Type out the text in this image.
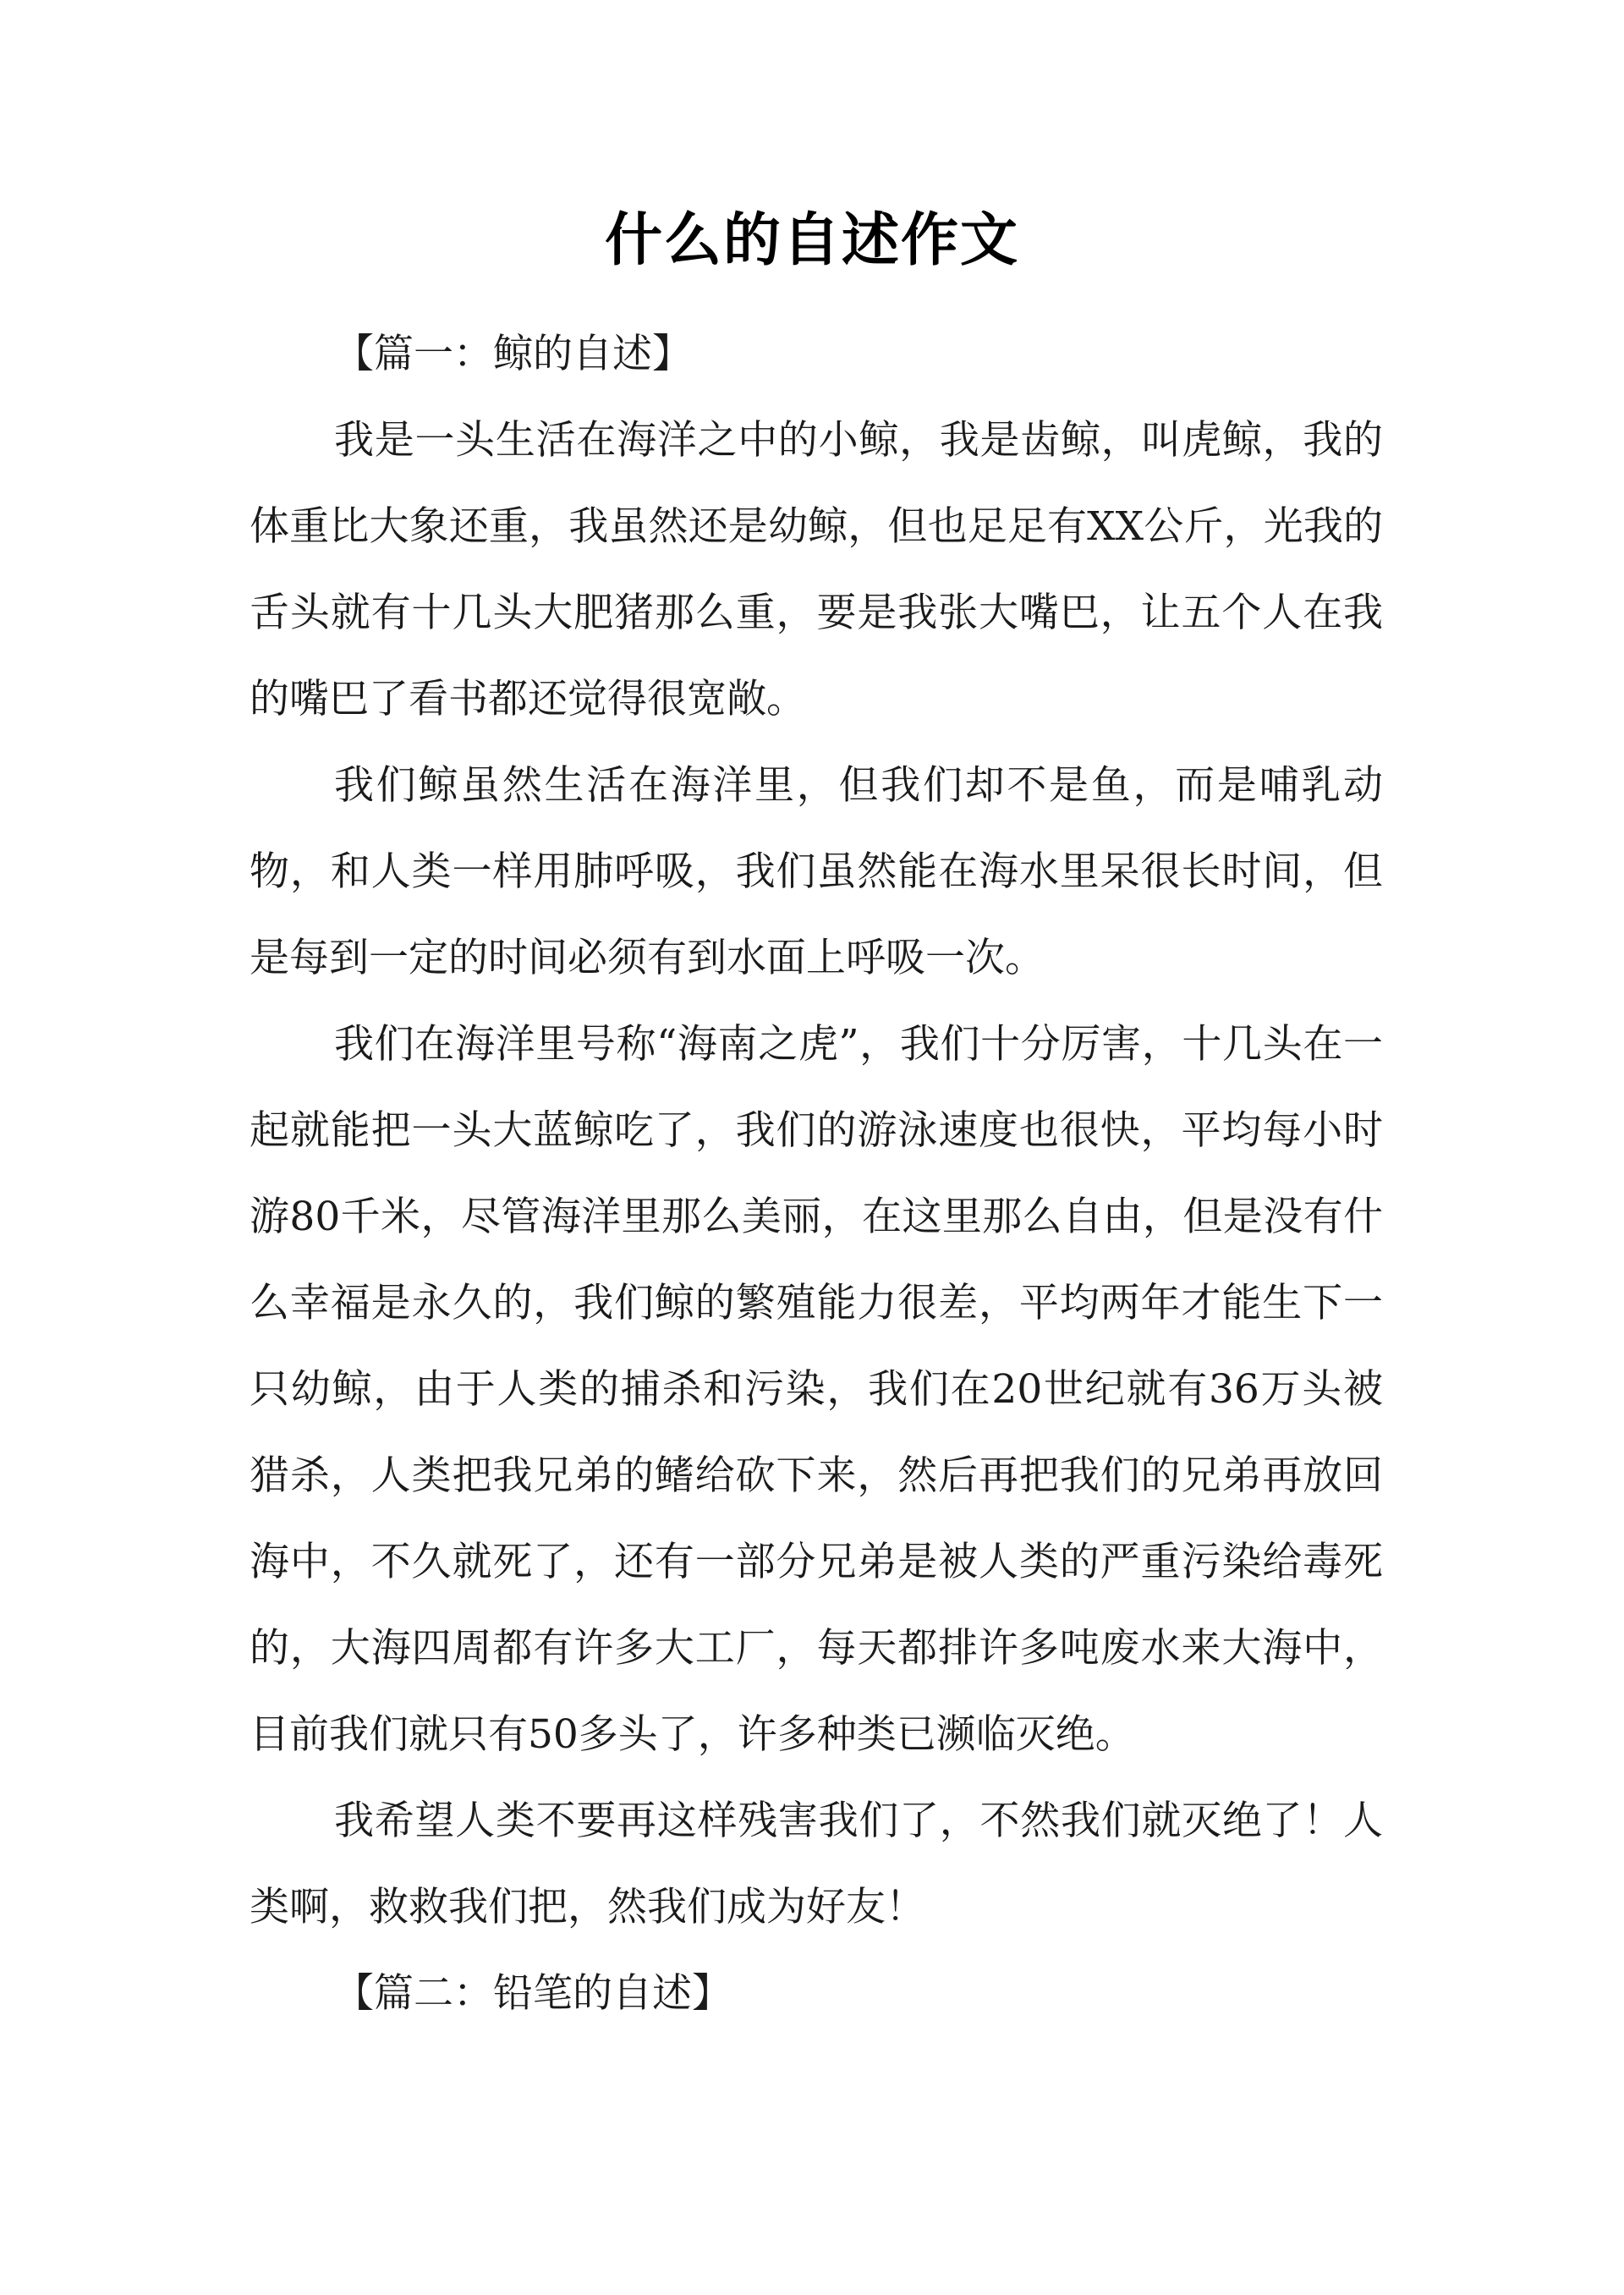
什么的自述作文

【篇一：鲸的自述】

我是一头生活在海洋之中的小鲸，我是齿鲸，叫虎鲸，我的体重比大象还重，我虽然还是幼鲸，但也足足有XX公斤，光我的舌头就有十几头大肥猪那么重，要是我张大嘴巴，让五个人在我的嘴巴了看书都还觉得很宽敞。

我们鲸虽然生活在海洋里，但我们却不是鱼，而是哺乳动物，和人类一样用肺呼吸，我们虽然能在海水里呆很长时间，但是每到一定的时间必须有到水面上呼吸一次。

我们在海洋里号称“海南之虎”，我们十分厉害，十几头在一起就能把一头大蓝鲸吃了，我们的游泳速度也很快，平均每小时游80千米，尽管海洋里那么美丽，在这里那么自由，但是没有什么幸福是永久的，我们鲸的繁殖能力很差，平均两年才能生下一只幼鲸，由于人类的捕杀和污染，我们在20世纪就有36万头被猎杀，人类把我兄弟的鳍给砍下来，然后再把我们的兄弟再放回海中，不久就死了，还有一部分兄弟是被人类的严重污染给毒死的，大海四周都有许多大工厂，每天都排许多吨废水来大海中，目前我们就只有50多头了，许多种类已濒临灭绝。

我希望人类不要再这样残害我们了，不然我们就灭绝了！人类啊，救救我们把，然我们成为好友！

【篇二：铅笔的自述】
